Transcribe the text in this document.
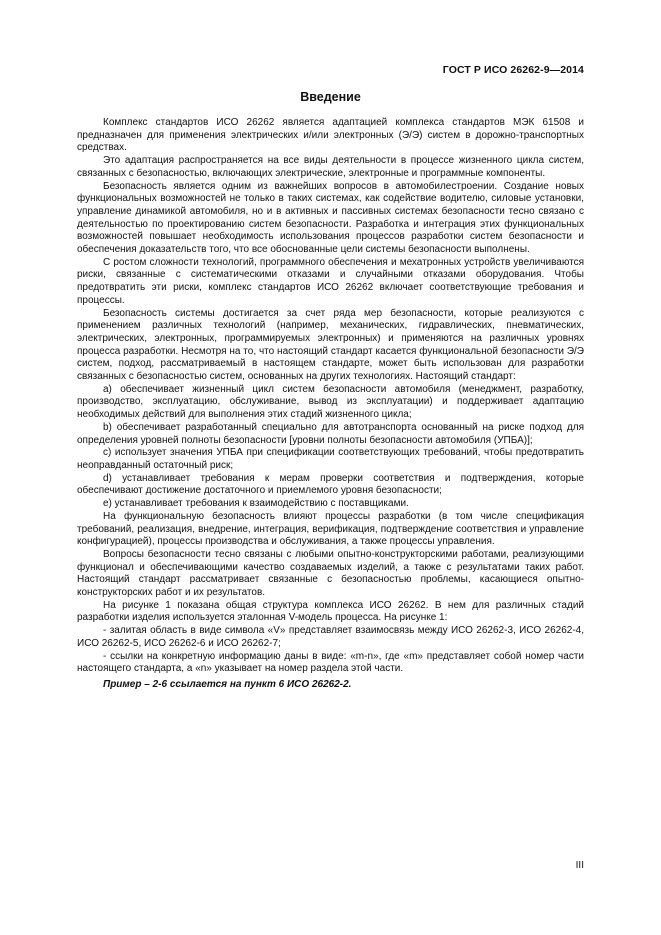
ГОСТ Р ИСО 26262-9—2014
Введение

Комплекс стандартов ИСО 26262 является адаптацией комплекса стандартов МЭК 61508 и предназначен для применения электрических и/или электронных (Э/Э) систем в дорожно-транспортных средствах.

Это адаптация распространяется на все виды деятельности в процессе жизненного цикла систем, связанных с безопасностью, включающих электрические, электронные и программные компоненты.

Безопасность является одним из важнейших вопросов в автомобилестроении. Создание новых функциональных возможностей не только в таких системах, как содействие водителю, силовые установки, управление динамикой автомобиля, но и в активных и пассивных системах безопасности тесно связано с деятельностью по проектированию систем безопасности. Разработка и интеграция этих функциональных возможностей повышает необходимость использования процессов разработки систем безопасности и обеспечения доказательств того, что все обоснованные цели системы безопасности выполнены.

С ростом сложности технологий, программного обеспечения и мехатронных устройств увеличиваются риски, связанные с систематическими отказами и случайными отказами оборудования. Чтобы предотвратить эти риски, комплекс стандартов ИСО 26262 включает соответствующие требования и процессы.

Безопасность системы достигается за счет ряда мер безопасности, которые реализуются с применением различных технологий (например, механических, гидравлических, пневматических, электрических, электронных, программируемых электронных) и применяются на различных уровнях процесса разработки. Несмотря на то, что настоящий стандарт касается функциональной безопасности Э/Э систем, подход, рассматриваемый в настоящем стандарте, может быть использован для разработки связанных с безопасностью систем, основанных на других технологиях. Настоящий стандарт:

a) обеспечивает жизненный цикл систем безопасности автомобиля (менеджмент, разработку, производство, эксплуатацию, обслуживание, вывод из эксплуатации) и поддерживает адаптацию необходимых действий для выполнения этих стадий жизненного цикла;

b) обеспечивает разработанный специально для автотранспорта основанный на риске подход для определения уровней полноты безопасности [уровни полноты безопасности автомобиля (УПБА)];

c) использует значения УПБА при спецификации соответствующих требований, чтобы предотвратить неоправданный остаточный риск;

d) устанавливает требования к мерам проверки соответствия и подтверждения, которые обеспечивают достижение достаточного и приемлемого уровня безопасности;

e) устанавливает требования к взаимодействию с поставщиками.

На функциональную безопасность влияют процессы разработки (в том числе спецификация требований, реализация, внедрение, интеграция, верификация, подтверждение соответствия и управление конфигурацией), процессы производства и обслуживания, а также процессы управления.

Вопросы безопасности тесно связаны с любыми опытно-конструкторскими работами, реализующими функционал и обеспечивающими качество создаваемых изделий, а также с результатами таких работ. Настоящий стандарт рассматривает связанные с безопасностью проблемы, касающиеся опытно-конструкторских работ и их результатов.

На рисунке 1 показана общая структура комплекса ИСО 26262. В нем для различных стадий разработки изделия используется эталонная V-модель процесса. На рисунке 1:

- залитая область в виде символа «V» представляет взаимосвязь между ИСО 26262-3, ИСО 26262-4, ИСО 26262-5, ИСО 26262-6 и ИСО 26262-7;

- ссылки на конкретную информацию даны в виде: «m-n», где «m» представляет собой номер части настоящего стандарта, а «n» указывает на номер раздела этой части.

Пример – 2-6 ссылается на пункт 6 ИСО 26262-2.

III
